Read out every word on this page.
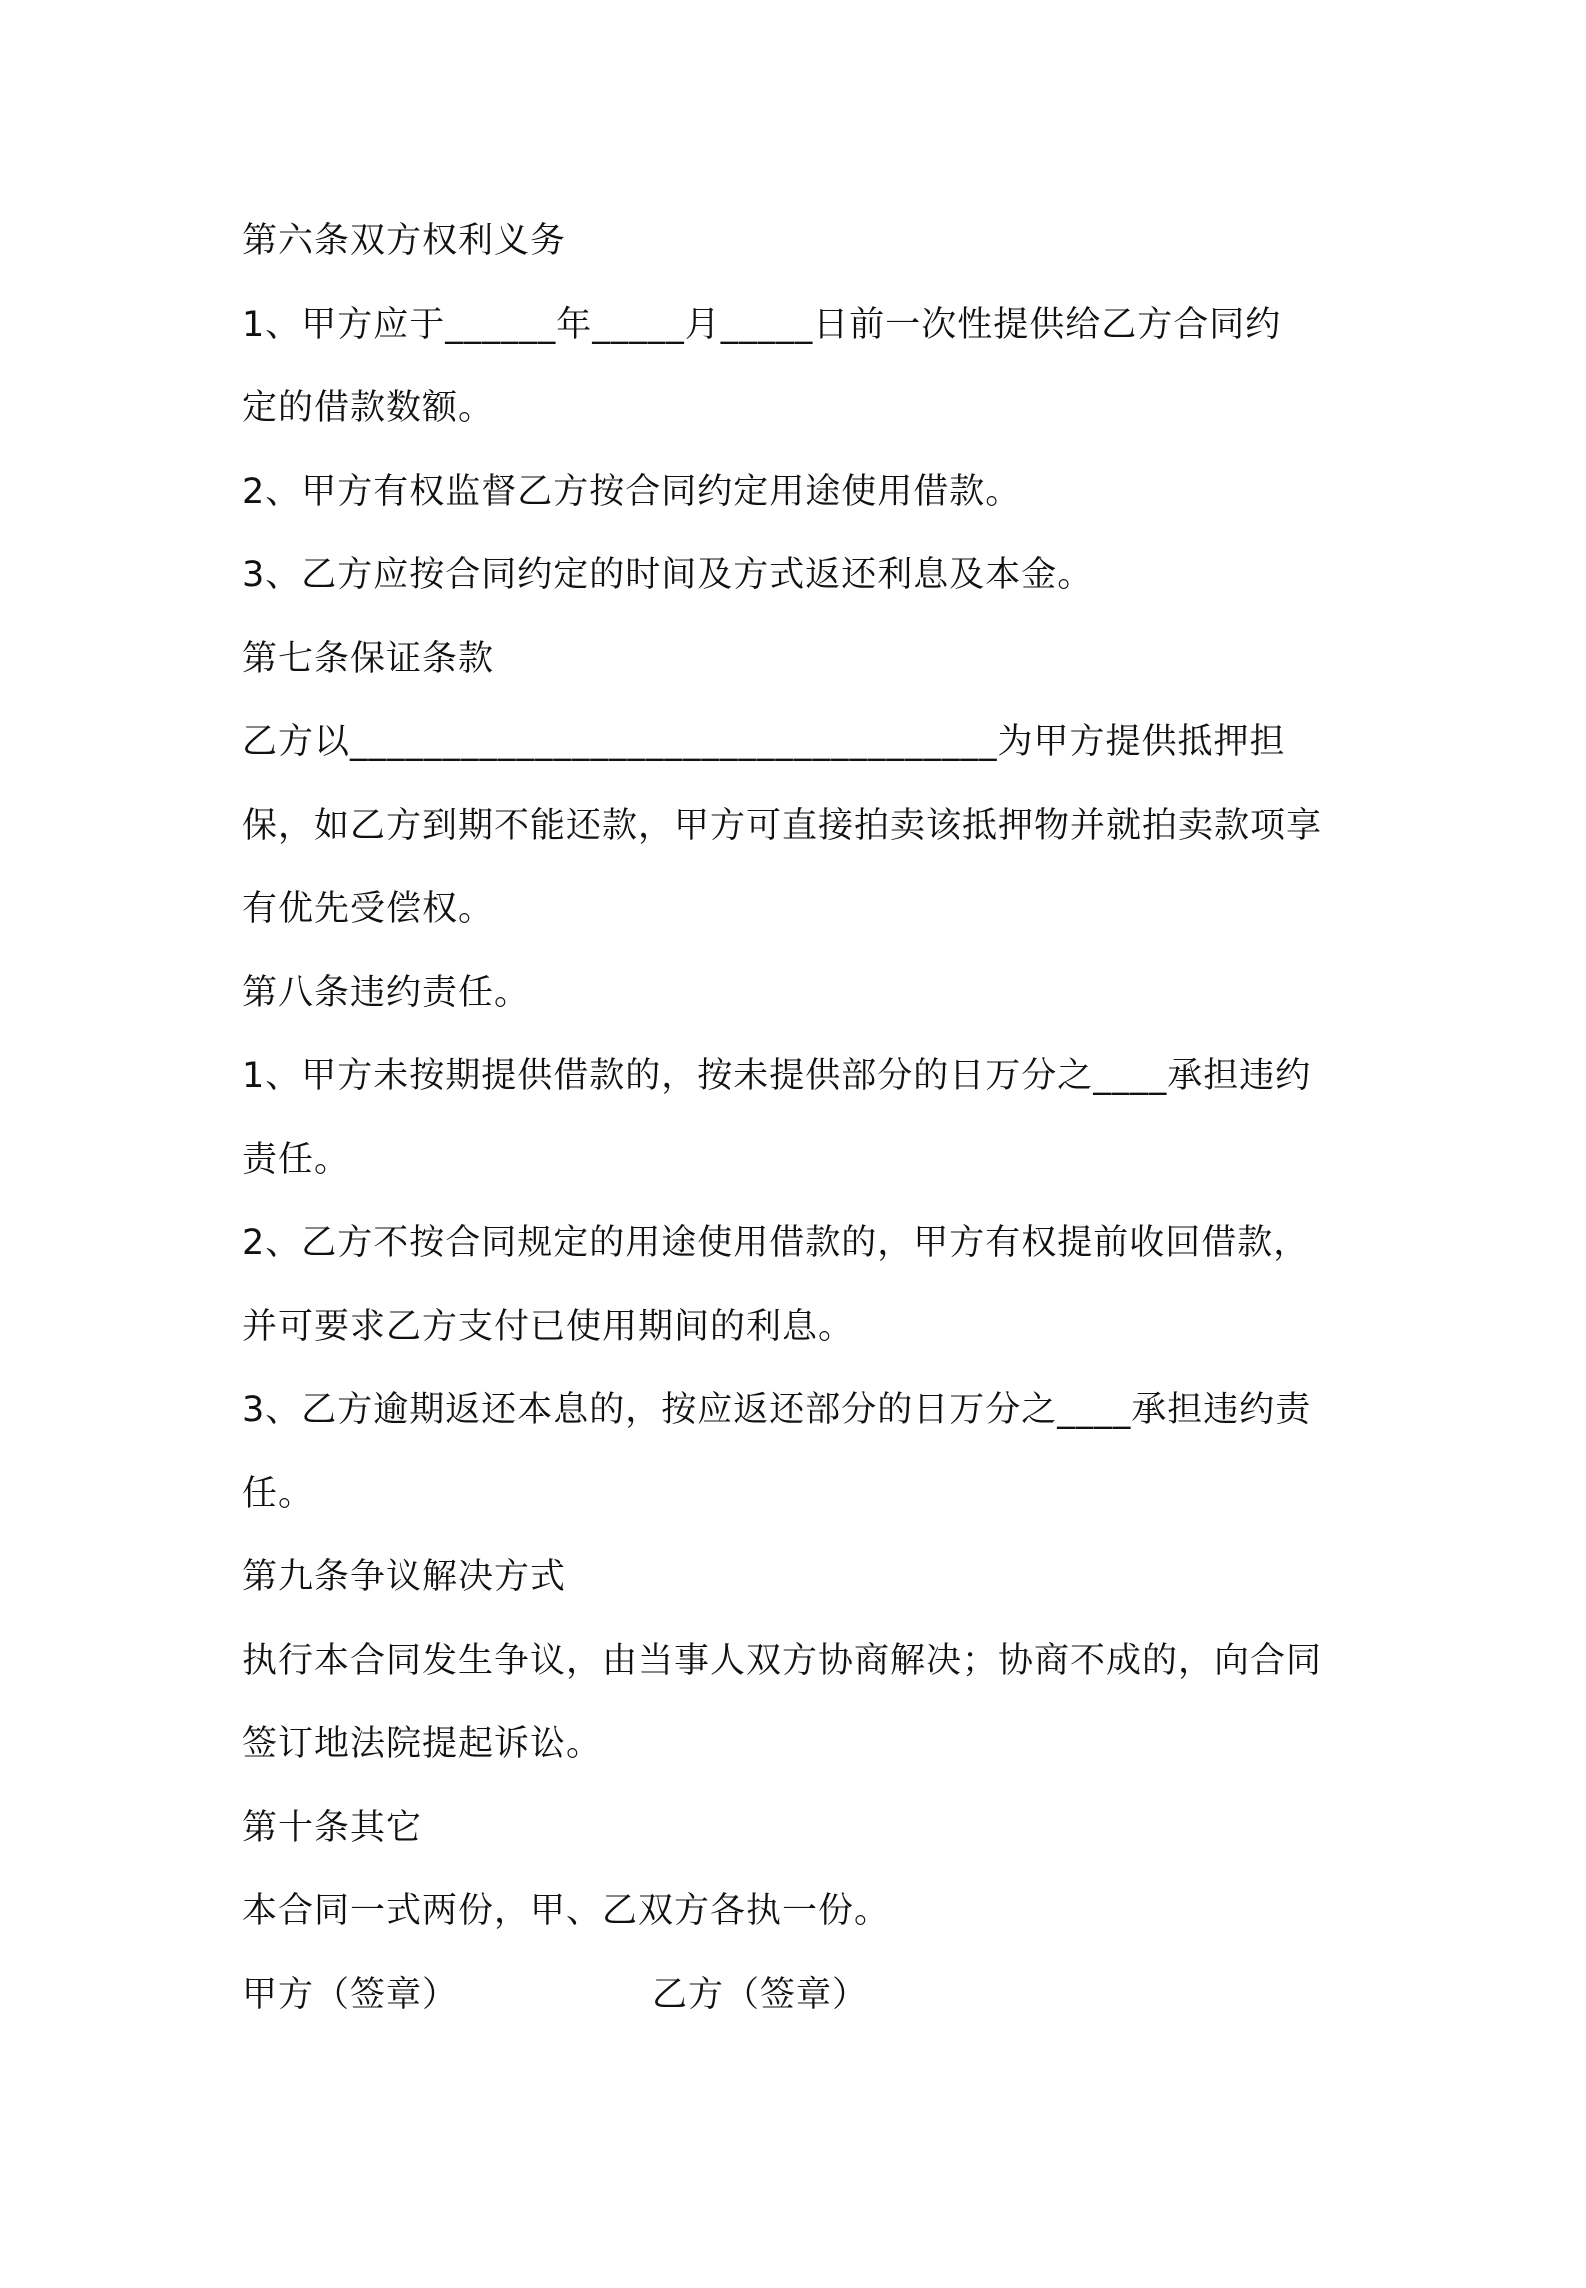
第六条双方权利义务

1、甲方应于______年_____月_____日前一次性提供给乙方合同约

定的借款数额。

2、甲方有权监督乙方按合同约定用途使用借款。

3、乙方应按合同约定的时间及方式返还利息及本金。

第七条保证条款

乙方以___________________________________为甲方提供抵押担

保，如乙方到期不能还款，甲方可直接拍卖该抵押物并就拍卖款项享

有优先受偿权。

第八条违约责任。

1、甲方未按期提供借款的，按未提供部分的日万分之____承担违约

责任。

2、乙方不按合同规定的用途使用借款的，甲方有权提前收回借款，

并可要求乙方支付已使用期间的利息。

3、乙方逾期返还本息的，按应返还部分的日万分之____承担违约责

任。

第九条争议解决方式

执行本合同发生争议，由当事人双方协商解决；协商不成的，向合同

签订地法院提起诉讼。

第十条其它

本合同一式两份，甲、乙双方各执一份。

甲方（签章）

	乙方（签章）
